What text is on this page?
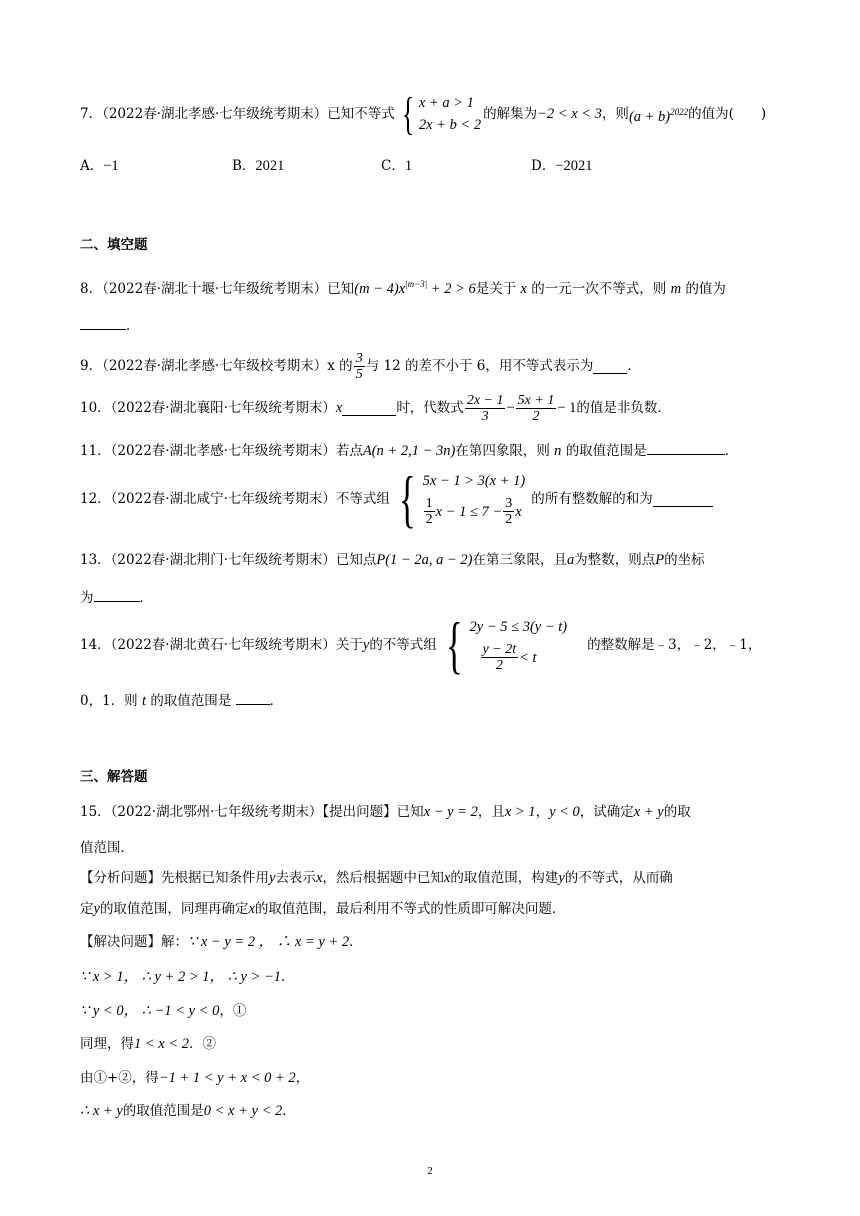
7．（2022春·湖北孝感·七年级统考期末）已知不等式 { x + a > 1
2x + b < 2
的解集为 −2 < x < 3 ，则 $(a + b)^{2022}$ 的值为(　　)
A．−1	B．2021	C．1	D．−2021
二、填空题
8．（2022春·湖北十堰·七年级统考期末）已知$(m - 4)x^{|m-3|} + 2 > 6$是关于 x 的一元一次不等式，则 m 的值为
．
9．（2022春·湖北孝感·七年级校考期末）x 的 $\frac{3}{5}$ 与 12 的差不小于 6，用不等式表示为	．
10．（2022春·湖北襄阳·七年级统考期末） x	时，代数式 $\frac{2x - 1}{3} - \frac{5x + 1}{2} - 1$ 的值是非负数．
11．（2022春·湖北孝感·七年级统考期末）若点A(n + 2,1 − 3n)在第四象限，则 n 的取值范围是	．
12．（2022春·湖北咸宁·七年级统考期末）不等式组 { 5x − 1 > 3(x + 1)
$\frac{1}{2}$ $x - 1 \le 7 - \frac{3}{2}$ x
的所有整数解的和为
13．（2022春·湖北荆门·七年级统考期末）已知点P(1 − 2a, a − 2)在第三象限，且a为整数，则点P的坐标
为	．
14．（2022春·湖北黄石·七年级统考期末）关于 y 的不等式组 { 2y − 5 ≤ 3(y − t)
$\frac{y - 2t}{2} < t$
的整数解是﹣3，﹣2，﹣1，
0，1．则 t 的取值范围是	．
三、解答题
15．（2022·湖北鄂州·七年级统考期末）【提出问题】已知x − y = 2，且x > 1，y < 0，试确定x + y的取
值范围．
【分析问题】先根据已知条件用y去表示x，然后根据题中已知x的取值范围，构建y的不等式，从而确
定y的取值范围，同理再确定x的取值范围，最后利用不等式的性质即可解决问题．
【解决问题】解：∵ x − y = 2 ， ∴ x = y + 2．
∵ x > 1， ∴ y + 2 > 1， ∴ y > −1．
∵ y < 0， ∴ −1 < y < 0，①
同理，得1 < x < 2．②
由①+②，得−1 + 1 < y + x < 0 + 2，
∴ x + y的取值范围是0 < x + y < 2．
2
